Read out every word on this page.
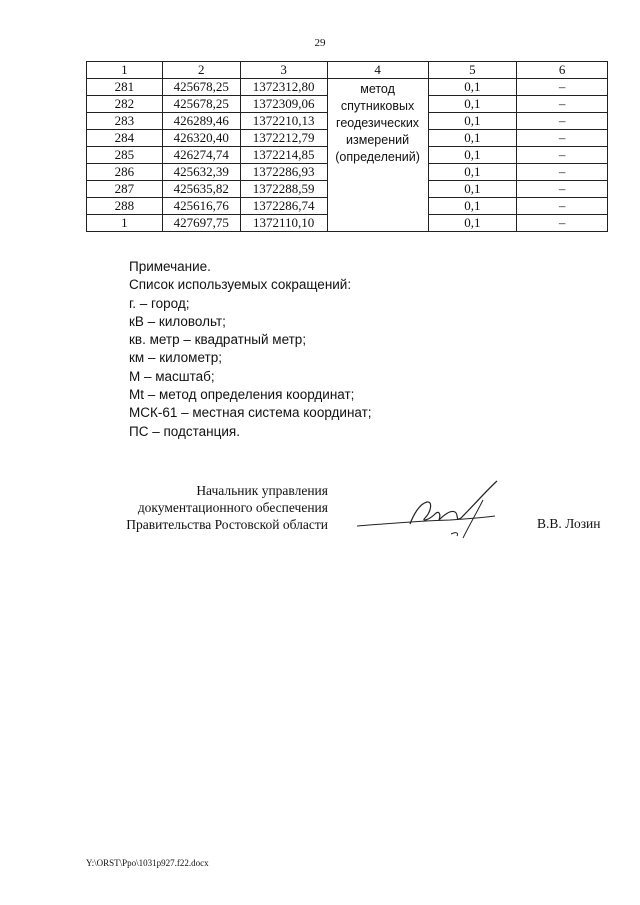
29
1	2	3	4	5	6
281	425678,25	1372312,80	метод
спутниковых
геодезических
измерений
(определений)	0,1	–
282	425678,25	1372309,06		0,1	–
283	426289,46	1372210,13		0,1	–
284	426320,40	1372212,79		0,1	–
285	426274,74	1372214,85		0,1	–
286	425632,39	1372286,93		0,1	–
287	425635,82	1372288,59		0,1	–
288	425616,76	1372286,74		0,1	–
1	427697,75	1372110,10		0,1	–
Примечание.
Список используемых сокращений:
г. – город;
кВ – киловольт;
кв. метр – квадратный метр;
км – километр;
М – масштаб;
Mt – метод определения координат;
МСК-61 – местная система координат;
ПС – подстанция.
Начальник управления
документационного обеспечения
Правительства Ростовской области	В.В. Лозин
Y:\ORST\Ppo\1031p927.f22.docx
